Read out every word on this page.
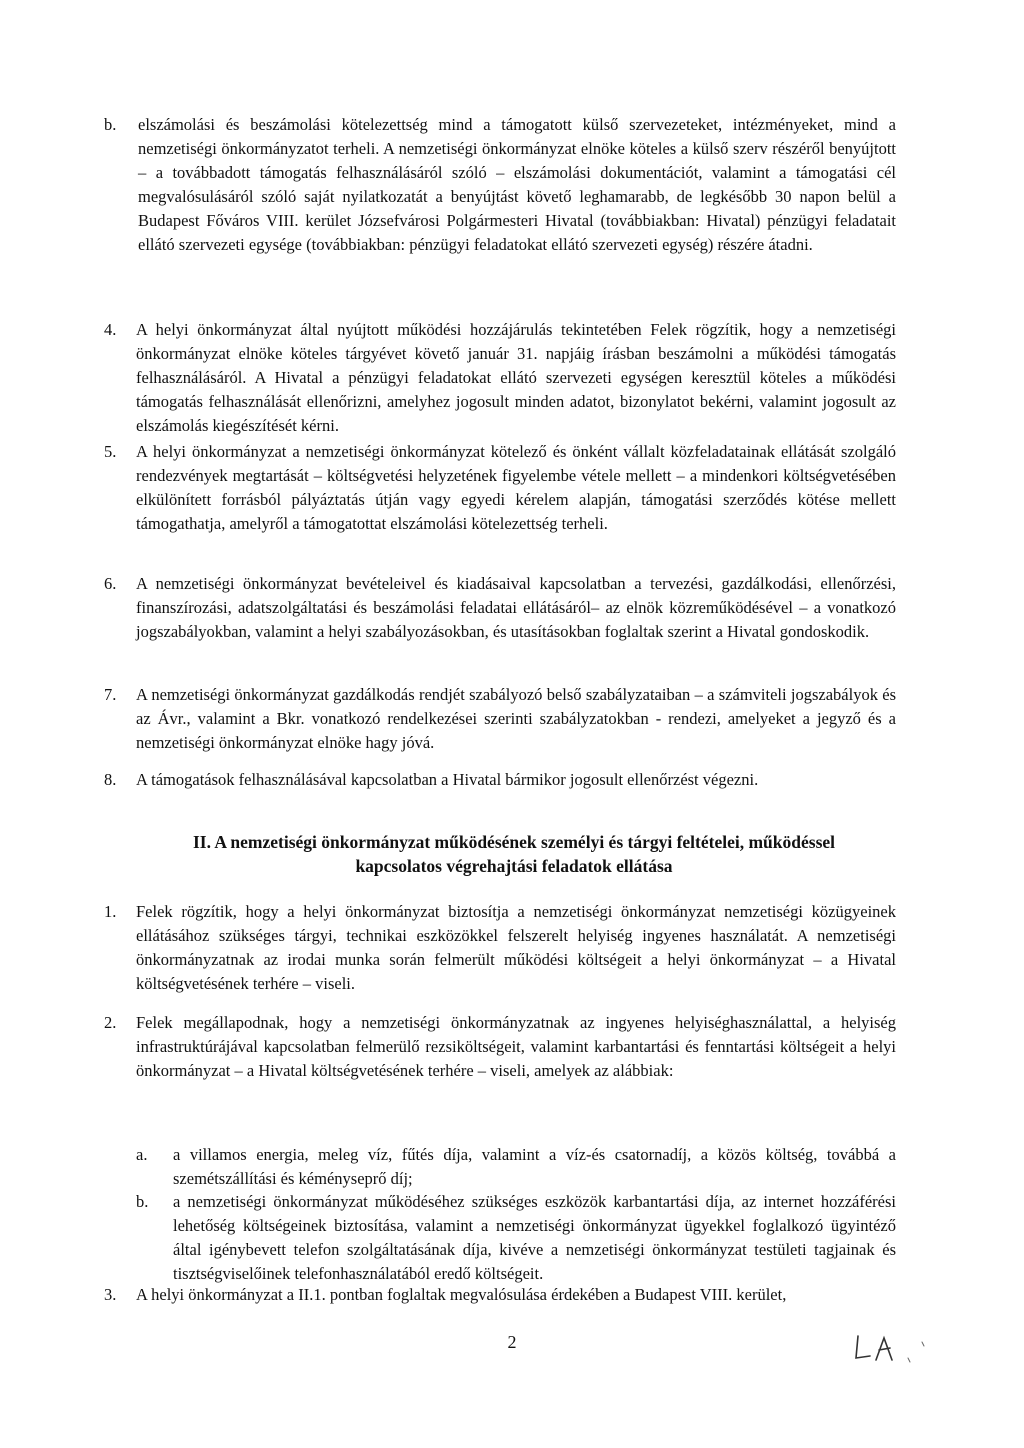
b. elszámolási és beszámolási kötelezettség mind a támogatott külső szervezeteket, intézményeket, mind a nemzetiségi önkormányzatot terheli. A nemzetiségi önkormányzat elnöke köteles a külső szerv részéről benyújtott – a továbbadott támogatás felhasználásáról szóló – elszámolási dokumentációt, valamint a támogatási cél megvalósulásáról szóló saját nyilatkozatát a benyújtást követő leghamarabb, de legkésőbb 30 napon belül a Budapest Főváros VIII. kerület Józsefvárosi Polgármesteri Hivatal (továbbiakban: Hivatal) pénzügyi feladatait ellátó szervezeti egysége (továbbiakban: pénzügyi feladatokat ellátó szervezeti egység) részére átadni.
4. A helyi önkormányzat által nyújtott működési hozzájárulás tekintetében Felek rögzítik, hogy a nemzetiségi önkormányzat elnöke köteles tárgyévet követő január 31. napjáig írásban beszámolni a működési támogatás felhasználásáról. A Hivatal a pénzügyi feladatokat ellátó szervezeti egységen keresztül köteles a működési támogatás felhasználását ellenőrizni, amelyhez jogosult minden adatot, bizonylatot bekérni, valamint jogosult az elszámolás kiegészítését kérni.
5. A helyi önkormányzat a nemzetiségi önkormányzat kötelező és önként vállalt közfeladatainak ellátását szolgáló rendezvények megtartását – költségvetési helyzetének figyelembe vétele mellett – a mindenkori költségvetésében elkülönített forrásból pályáztatás útján vagy egyedi kérelem alapján, támogatási szerződés kötése mellett támogathatja, amelyről a támogatottat elszámolási kötelezettség terheli.
6. A nemzetiségi önkormányzat bevételeivel és kiadásaival kapcsolatban a tervezési, gazdálkodási, ellenőrzési, finanszírozási, adatszolgáltatási és beszámolási feladatai ellátásáról– az elnök közreműködésével – a vonatkozó jogszabályokban, valamint a helyi szabályozásokban, és utasításokban foglaltak szerint a Hivatal gondoskodik.
7. A nemzetiségi önkormányzat gazdálkodás rendjét szabályozó belső szabályzataiban – a számviteli jogszabályok és az Ávr., valamint a Bkr. vonatkozó rendelkezései szerinti szabályzatokban - rendezi, amelyeket a jegyző és a nemzetiségi önkormányzat elnöke hagy jóvá.
8. A támogatások felhasználásával kapcsolatban a Hivatal bármikor jogosult ellenőrzést végezni.
II. A nemzetiségi önkormányzat működésének személyi és tárgyi feltételei, működéssel
kapcsolatos végrehajtási feladatok ellátása
1. Felek rögzítik, hogy a helyi önkormányzat biztosítja a nemzetiségi önkormányzat nemzetiségi közügyeinek ellátásához szükséges tárgyi, technikai eszközökkel felszerelt helyiség ingyenes használatát. A nemzetiségi önkormányzatnak az irodai munka során felmerült működési költségeit a helyi önkormányzat – a Hivatal költségvetésének terhére – viseli.
2. Felek megállapodnak, hogy a nemzetiségi önkormányzatnak az ingyenes helyiséghasználattal, a helyiség infrastruktúrájával kapcsolatban felmerülő rezsiköltségeit, valamint karbantartási és fenntartási költségeit a helyi önkormányzat – a Hivatal költségvetésének terhére – viseli, amelyek az alábbiak:
a. a villamos energia, meleg víz, fűtés díja, valamint a víz-és csatornadíj, a közös költség, továbbá a szemétszállítási és kéményseprő díj;
b. a nemzetiségi önkormányzat működéséhez szükséges eszközök karbantartási díja, az internet hozzáférési lehetőség költségeinek biztosítása, valamint a nemzetiségi önkormányzat ügyekkel foglalkozó ügyintéző által igénybevett telefon szolgáltatásának díja, kivéve a nemzetiségi önkormányzat testületi tagjainak és tisztségviselőinek telefonhasználatából eredő költségeit.
3. A helyi önkormányzat a II.1. pontban foglaltak megvalósulása érdekében a Budapest VIII. kerület,
2
